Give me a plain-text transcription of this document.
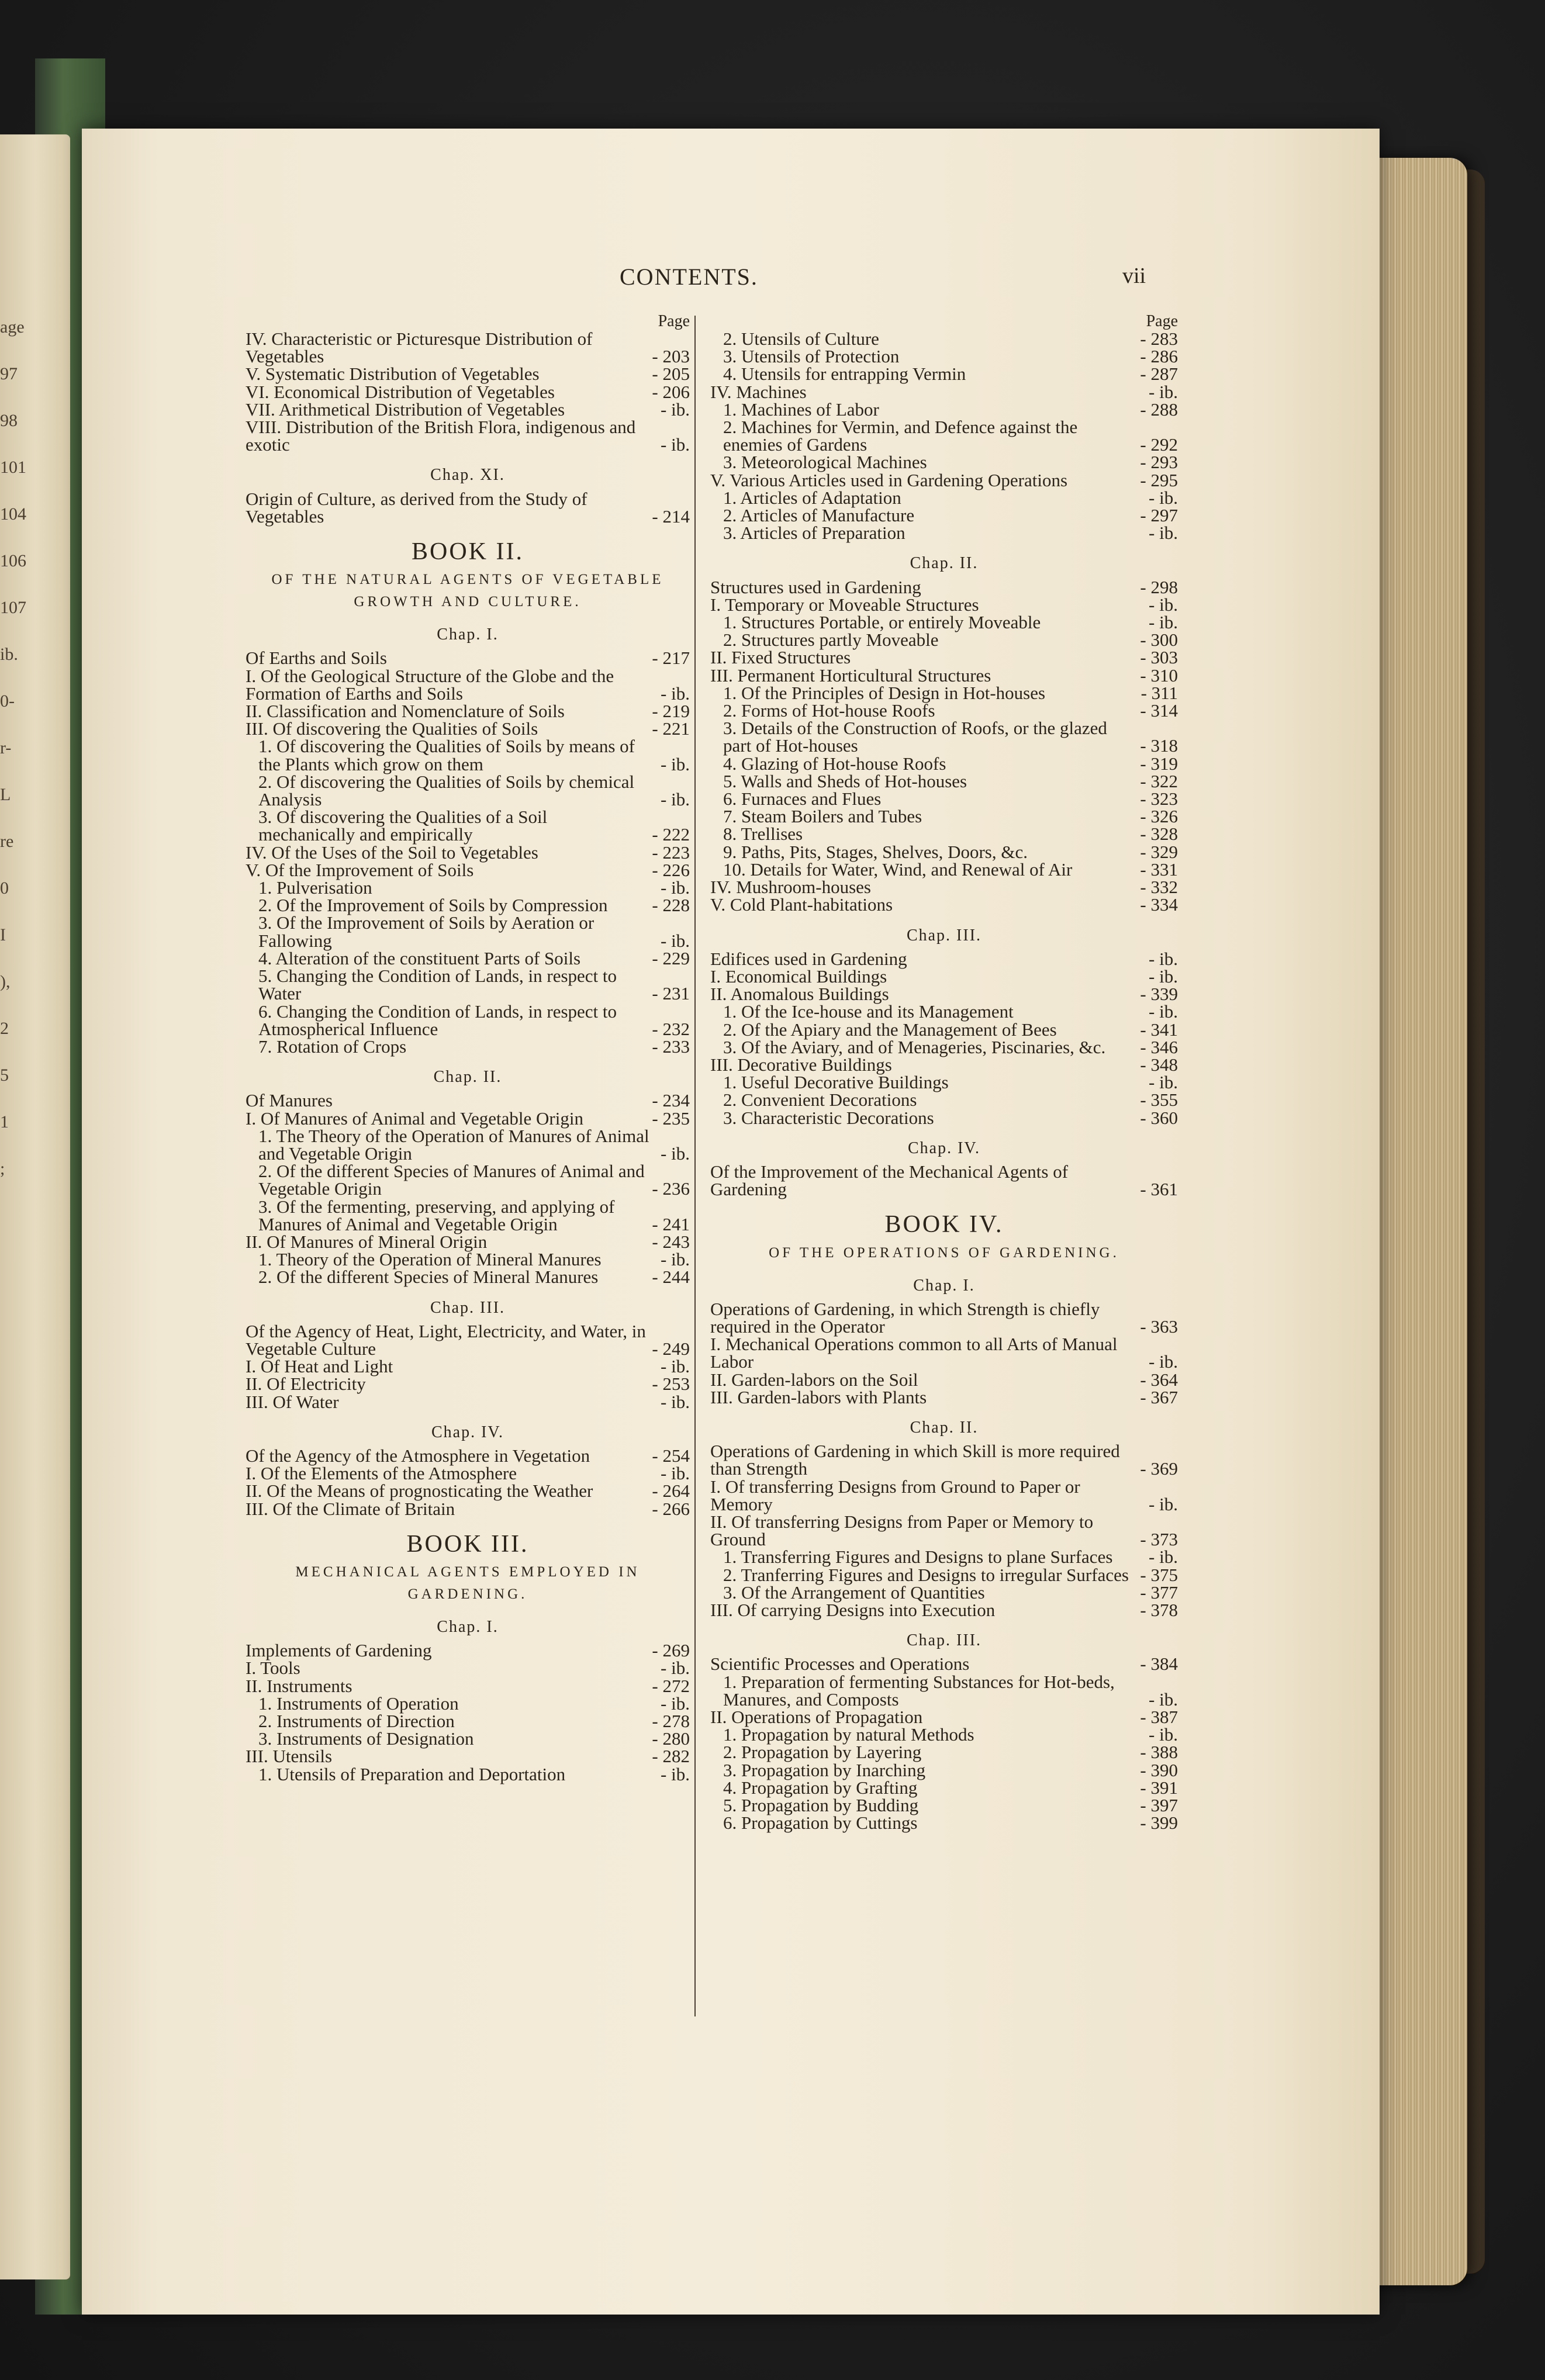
age
97
98
101
104
106
107
ib.
0-
r-
L
re
0
I
),
2
5
1
;
CONTENTS.	vii
Page
IV. Characteristic or Picturesque Distribution of Vegetables	- 203
V. Systematic Distribution of Vegetables	- 205
VI. Economical Distribution of Vegetables	- 206
VII. Arithmetical Distribution of Vegetables	- ib.
VIII. Distribution of the British Flora, indigenous and exotic	- ib.
Chap. XI.
Origin of Culture, as derived from the Study of Vegetables	- 214
BOOK II.
OF THE NATURAL AGENTS OF VEGETABLE GROWTH AND CULTURE.
Chap. I.
Of Earths and Soils	- 217
I. Of the Geological Structure of the Globe and the Formation of Earths and Soils	- ib.
II. Classification and Nomenclature of Soils	- 219
III. Of discovering the Qualities of Soils	- 221
1. Of discovering the Qualities of Soils by means of the Plants which grow on them	- ib.
2. Of discovering the Qualities of Soils by chemical Analysis	- ib.
3. Of discovering the Qualities of a Soil mechanically and empirically	- 222
IV. Of the Uses of the Soil to Vegetables	- 223
V. Of the Improvement of Soils	- 226
1. Pulverisation	- ib.
2. Of the Improvement of Soils by Compression	- 228
3. Of the Improvement of Soils by Aeration or Fallowing	- ib.
4. Alteration of the constituent Parts of Soils	- 229
5. Changing the Condition of Lands, in respect to Water	- 231
6. Changing the Condition of Lands, in respect to Atmospherical Influence	- 232
7. Rotation of Crops	- 233
Chap. II.
Of Manures	- 234
I. Of Manures of Animal and Vegetable Origin	- 235
1. The Theory of the Operation of Manures of Animal and Vegetable Origin	- ib.
2. Of the different Species of Manures of Animal and Vegetable Origin	- 236
3. Of the fermenting, preserving, and applying of Manures of Animal and Vegetable Origin	- 241
II. Of Manures of Mineral Origin	- 243
1. Theory of the Operation of Mineral Manures	- ib.
2. Of the different Species of Mineral Manures	- 244
Chap. III.
Of the Agency of Heat, Light, Electricity, and Water, in Vegetable Culture	- 249
I. Of Heat and Light	- ib.
II. Of Electricity	- 253
III. Of Water	- ib.
Chap. IV.
Of the Agency of the Atmosphere in Vegetation	- 254
I. Of the Elements of the Atmosphere	- ib.
II. Of the Means of prognosticating the Weather	- 264
III. Of the Climate of Britain	- 266
BOOK III.
MECHANICAL AGENTS EMPLOYED IN GARDENING.
Chap. I.
Implements of Gardening	- 269
I. Tools	- ib.
II. Instruments	- 272
1. Instruments of Operation	- ib.
2. Instruments of Direction	- 278
3. Instruments of Designation	- 280
III. Utensils	- 282
1. Utensils of Preparation and Deportation	- ib.
Page
2. Utensils of Culture	- 283
3. Utensils of Protection	- 286
4. Utensils for entrapping Vermin	- 287
IV. Machines	- ib.
1. Machines of Labor	- 288
2. Machines for Vermin, and Defence against the enemies of Gardens	- 292
3. Meteorological Machines	- 293
V. Various Articles used in Gardening Operations	- 295
1. Articles of Adaptation	- ib.
2. Articles of Manufacture	- 297
3. Articles of Preparation	- ib.
Chap. II.
Structures used in Gardening	- 298
I. Temporary or Moveable Structures	- ib.
1. Structures Portable, or entirely Moveable	- ib.
2. Structures partly Moveable	- 300
II. Fixed Structures	- 303
III. Permanent Horticultural Structures	- 310
1. Of the Principles of Design in Hot-houses	- 311
2. Forms of Hot-house Roofs	- 314
3. Details of the Construction of Roofs, or the glazed part of Hot-houses	- 318
4. Glazing of Hot-house Roofs	- 319
5. Walls and Sheds of Hot-houses	- 322
6. Furnaces and Flues	- 323
7. Steam Boilers and Tubes	- 326
8. Trellises	- 328
9. Paths, Pits, Stages, Shelves, Doors, &c.	- 329
10. Details for Water, Wind, and Renewal of Air	- 331
IV. Mushroom-houses	- 332
V. Cold Plant-habitations	- 334
Chap. III.
Edifices used in Gardening	- ib.
I. Economical Buildings	- ib.
II. Anomalous Buildings	- 339
1. Of the Ice-house and its Management	- ib.
2. Of the Apiary and the Management of Bees	- 341
3. Of the Aviary, and of Menageries, Piscinaries, &c.	- 346
III. Decorative Buildings	- 348
1. Useful Decorative Buildings	- ib.
2. Convenient Decorations	- 355
3. Characteristic Decorations	- 360
Chap. IV.
Of the Improvement of the Mechanical Agents of Gardening	- 361
BOOK IV.
OF THE OPERATIONS OF GARDENING.
Chap. I.
Operations of Gardening, in which Strength is chiefly required in the Operator	- 363
I. Mechanical Operations common to all Arts of Manual Labor	- ib.
II. Garden-labors on the Soil	- 364
III. Garden-labors with Plants	- 367
Chap. II.
Operations of Gardening in which Skill is more required than Strength	- 369
I. Of transferring Designs from Ground to Paper or Memory	- ib.
II. Of transferring Designs from Paper or Memory to Ground	- 373
1. Transferring Figures and Designs to plane Surfaces	- ib.
2. Tranferring Figures and Designs to irregular Surfaces	- 375
3. Of the Arrangement of Quantities	- 377
III. Of carrying Designs into Execution	- 378
Chap. III.
Scientific Processes and Operations	- 384
1. Preparation of fermenting Substances for Hot-beds, Manures, and Composts	- ib.
II. Operations of Propagation	- 387
1. Propagation by natural Methods	- ib.
2. Propagation by Layering	- 388
3. Propagation by Inarching	- 390
4. Propagation by Grafting	- 391
5. Propagation by Budding	- 397
6. Propagation by Cuttings	- 399
